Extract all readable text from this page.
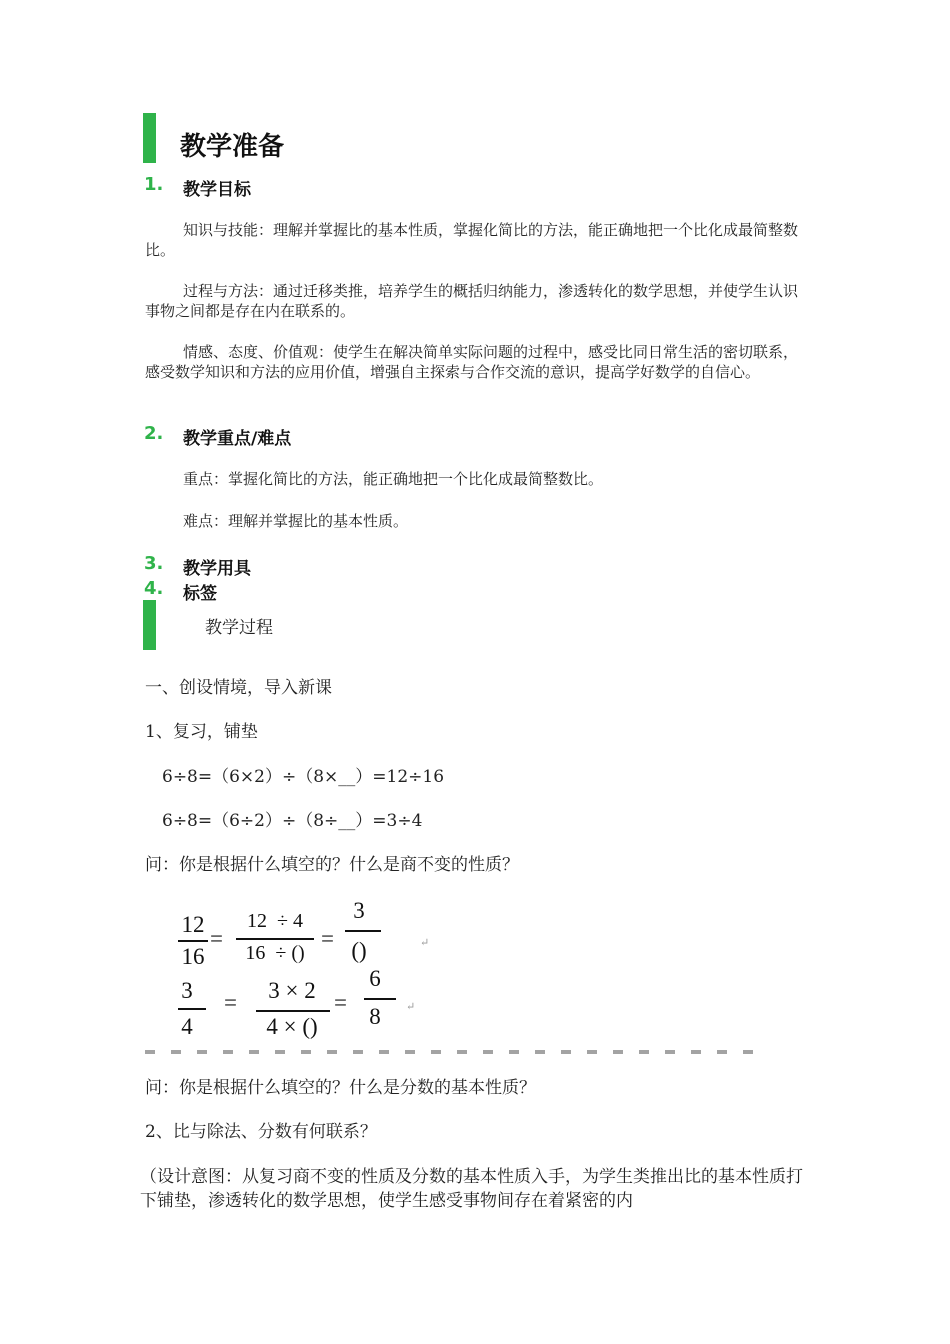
教学准备
1. 教学目标
知识与技能：理解并掌握比的基本性质，掌握化简比的方法，能正确地把一个比化成最简整数比。
过程与方法：通过迁移类推，培养学生的概括归纳能力，渗透转化的数学思想，并使学生认识事物之间都是存在内在联系的。
情感、态度、价值观：使学生在解决简单实际问题的过程中，感受比同日常生活的密切联系，感受数学知识和方法的应用价值，增强自主探索与合作交流的意识，提高学好数学的自信心。
2. 教学重点/难点
重点：掌握化简比的方法，能正确地把一个比化成最简整数比。
难点：理解并掌握比的基本性质。
3. 教学用具
4. 标签
教学过程
一、创设情境，导入新课
1、复习，铺垫
6÷8=（6×2）÷（8×__）=12÷16
6÷8=（6÷2）÷（8÷__）=3÷4
问：你是根据什么填空的？什么是商不变的性质？
12
16
=
12  ÷ 4
16  ÷ ()
=
3
()	↵
3
4
=	3 × 2
4 × ()
=
6
8	↵
问：你是根据什么填空的？什么是分数的基本性质？
2、比与除法、分数有何联系？
（设计意图：从复习商不变的性质及分数的基本性质入手，为学生类推出比的基本性质打下铺垫，渗透转化的数学思想，使学生感受事物间存在着紧密的内
